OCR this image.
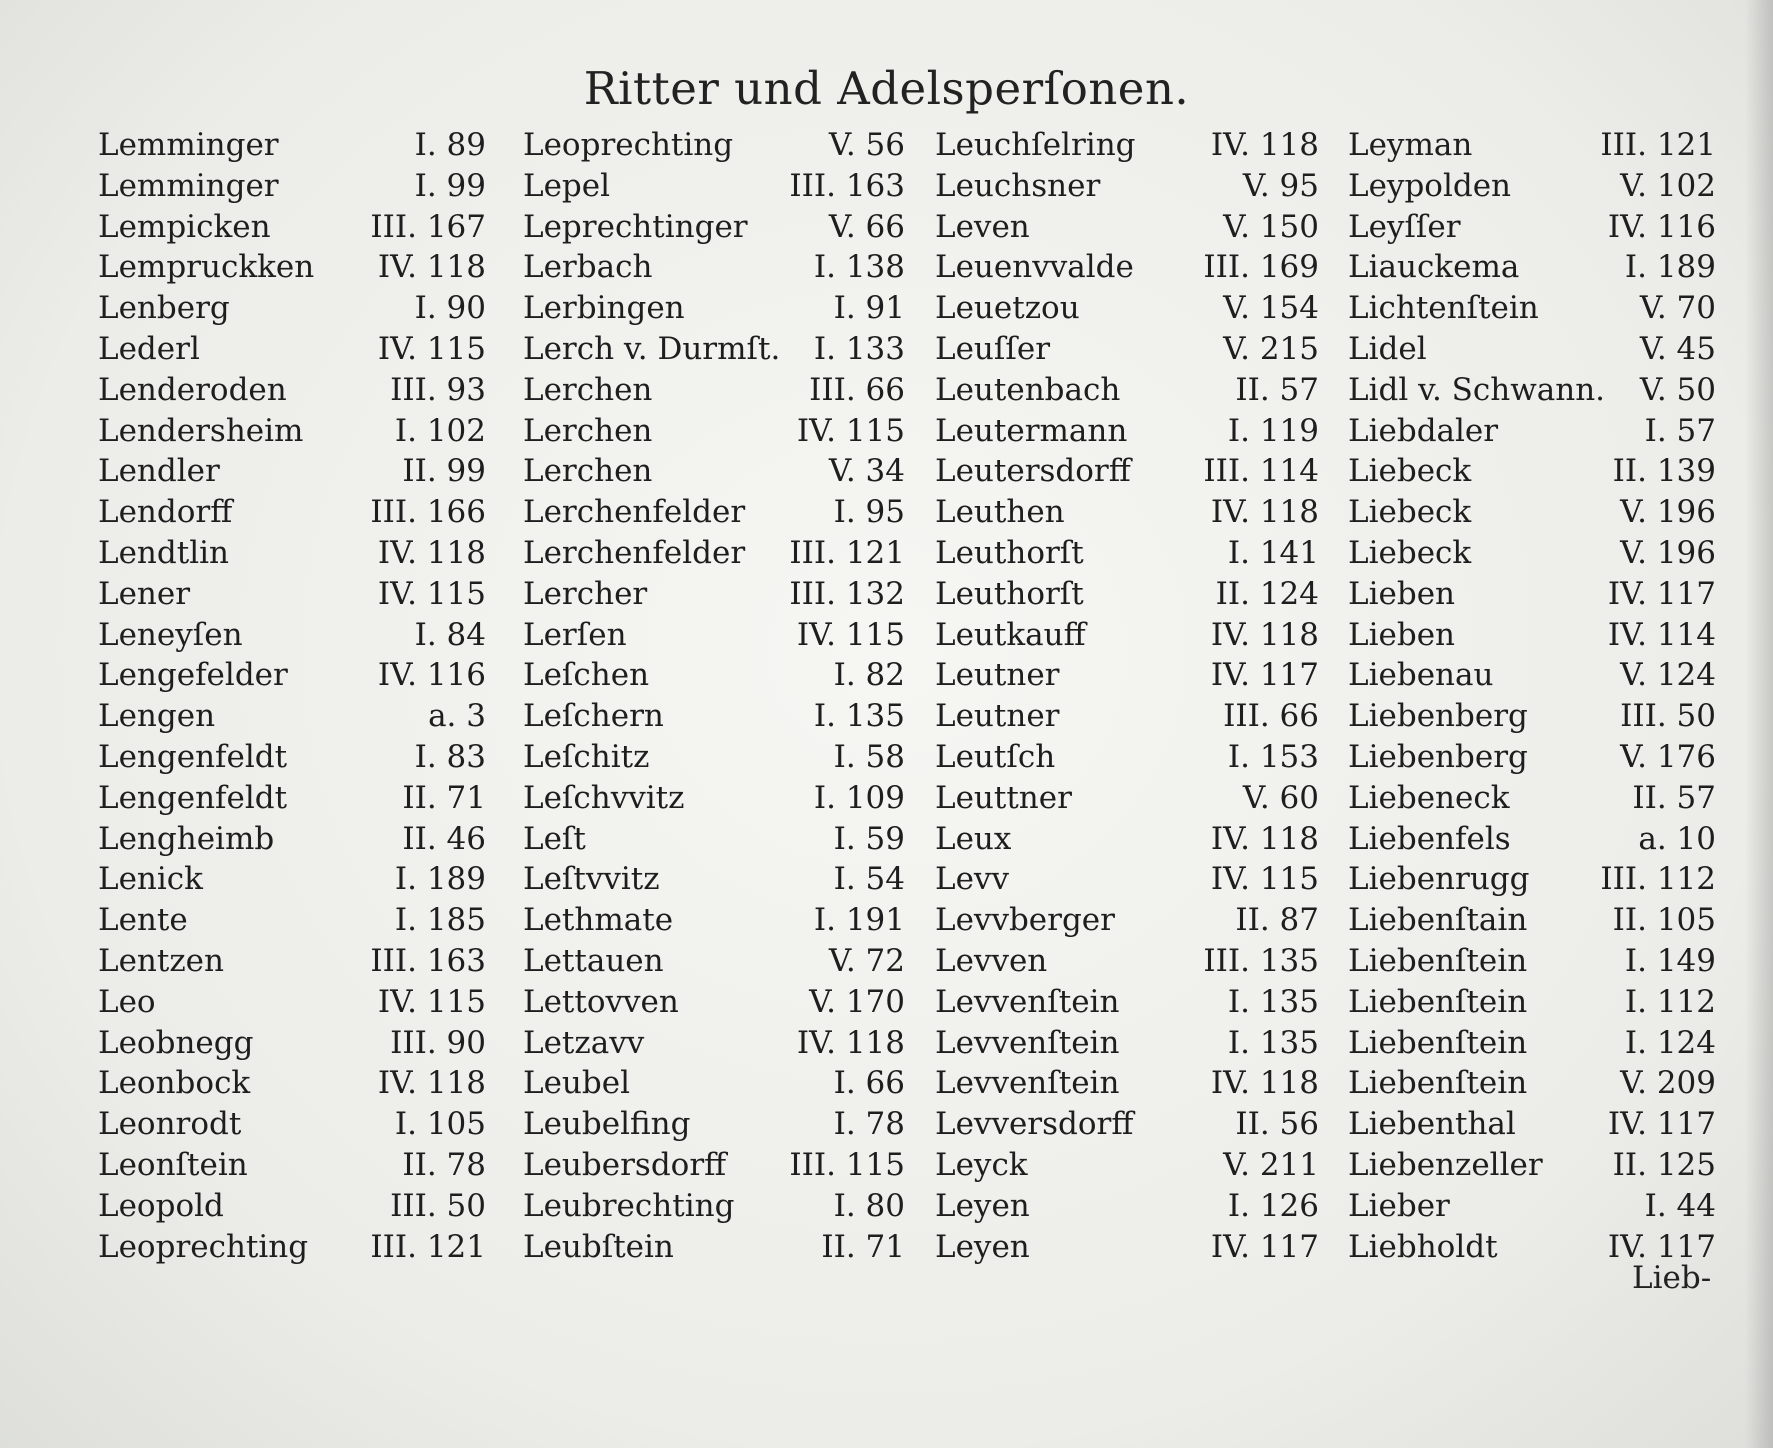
Ritter und Adelsperſonen.
Lemminger	I. 89
Lemminger	I. 99
Lempicken	III. 167
Lempruckken IV. 118
Lenberg	I. 90
Lederl	IV. 115
Lenderoden	III. 93
Lendersheim	I. 102
Lendler	II. 99
Lendorff	III. 166
Lendtlin	IV. 118
Lener	IV. 115
Leneyſen	I. 84
Lengefelder	IV. 116
Lengen	a. 3
Lengenfeldt	I. 83
Lengenfeldt	II. 71
Lengheimb	II. 46
Lenick	I. 189
Lente	I. 185
Lentzen	III. 163
Leo	IV. 115
Leobnegg	III. 90
Leonbock	IV. 118
Leonrodt	I. 105
Leonſtein	II. 78
Leopold	III. 50
Leoprechting III. 121
Leoprechting	V. 56
Lepel	III. 163
Leprechtinger	V. 66
Lerbach	I. 138
Lerbingen	I. 91
Lerch v. Durmſt. I. 133
Lerchen	III. 66
Lerchen	IV. 115
Lerchen	V. 34
Lerchenfelder	I. 95
Lerchenfelder III. 121
Lercher	III. 132
Lerſen	IV. 115
Leſchen	I. 82
Leſchern	I. 135
Leſchitz	I. 58
Leſchvvitz	I. 109
Leſt	I. 59
Leſtvvitz	I. 54
Lethmate	I. 191
Lettauen	V. 72
Lettovven	V. 170
Letzavv	IV. 118
Leubel	I. 66
Leubelfing	I. 78
Leubersdorff III. 115
Leubrechting	I. 80
Leubſtein	II. 71
Leuchſelring IV. 118
Leuchsner	V. 95
Leven	V. 150
Leuenvvalde III. 169
Leuetzou	V. 154
Leuſſer	V. 215
Leutenbach	II. 57
Leutermann	I. 119
Leutersdorff III. 114
Leuthen	IV. 118
Leuthorſt	I. 141
Leuthorſt	II. 124
Leutkauff	IV. 118
Leutner	IV. 117
Leutner	III. 66
Leutſch	I. 153
Leuttner	V. 60
Leux	IV. 118
Levv	IV. 115
Levvberger	II. 87
Levven	III. 135
Levvenſtein	I. 135
Levvenſtein	I. 135
Levvenſtein	IV. 118
Levversdorff	II. 56
Leyck	V. 211
Leyen	I. 126
Leyen	IV. 117
Leyman	III. 121
Leypolden	V. 102
Leyſſer	IV. 116
Liauckema	I. 189
Lichtenſtein	V. 70
Lidel	V. 45
Lidl v. Schwann. V. 50
Liebdaler	I. 57
Liebeck	II. 139
Liebeck	V. 196
Liebeck	V. 196
Lieben	IV. 117
Lieben	IV. 114
Liebenau	V. 124
Liebenberg	III. 50
Liebenberg	V. 176
Liebeneck	II. 57
Liebenfels	a. 10
Liebenrugg III. 112
Liebenſtain	II. 105
Liebenſtein	I. 149
Liebenſtein	I. 112
Liebenſtein	I. 124
Liebenſtein	V. 209
Liebenthal	IV. 117
Liebenzeller II. 125
Lieber	I. 44
Liebholdt	IV. 117
Lieb-
